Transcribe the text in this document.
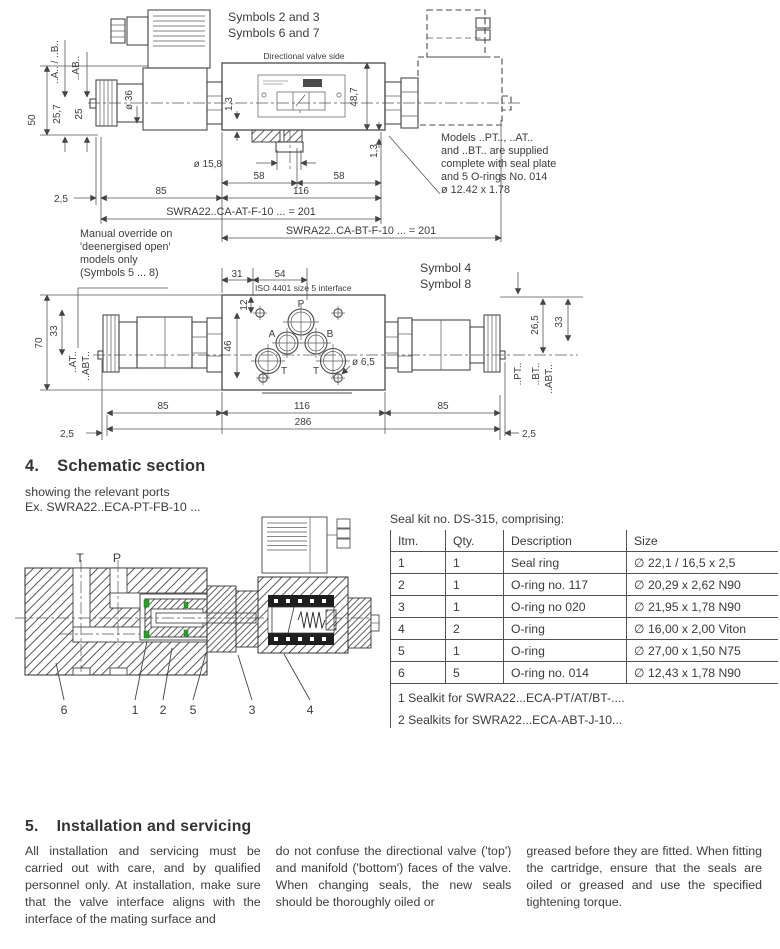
Symbols 2 and 3
Symbols 6 and 7
Directional valve side
50 25,7 25
..A.. / ..B.. ..AB..
ø 36	1,3	48,7
1,3
ø 15,8
58	58
85	116
2,5
SWRA22..CA-AT-F-10 ... = 201
SWRA22..CA-BT-F-10 ... = 201
Models ..PT.., ..AT..
and ..BT.. are supplied
complete with seal plate
and 5 O-rings No. 014
ø 12.42 x 1.78
Manual override on
'deenergised open'
models only
(Symbols 5 ... 8)	Symbol 4
Symbol 8
ISO 4401 size 5 interface
31	54
12
46
70
33
..AT.. ..ABT..
P
A	B
T	T
ø 6,5
85	116	85
286
2,5	2,5
26,5 33
..PT.. ..BT.. ..ABT..
4. Schematic section
showing the relevant ports
Ex. SWRA22..ECA-PT-FB-10 ...
T P
6	1 2 5	3	4
Seal kit no. DS-315, comprising:
Itm.	Qty.	Description	Size
1	1	Seal ring	∅ 22,1 / 16,5 x 2,5
2	1	O-ring no. 117	∅ 20,29 x 2,62 N90
3	1	O-ring no 020	∅ 21,95 x 1,78 N90
4	2	O-ring	∅ 16,00 x 2,00 Viton
5	1	O-ring	∅ 27,00 x 1,50 N75
6	5	O-ring no. 014	∅ 12,43 x 1,78 N90
1 Sealkit for SWRA22...ECA-PT/AT/BT-....
2 Sealkits for SWRA22...ECA-ABT-J-10...
5. Installation and servicing
All installation and servicing must be carried out with care, and by qualified personnel only. At installation, make sure that the valve interface aligns with the interface of the mating surface and
do not confuse the directional valve ('top') and manifold ('bottom') faces of the valve. When changing seals, the new seals should be thoroughly oiled or
greased before they are fitted. When fitting the cartridge, ensure that the seals are oiled or greased and use the specified tightening torque.
